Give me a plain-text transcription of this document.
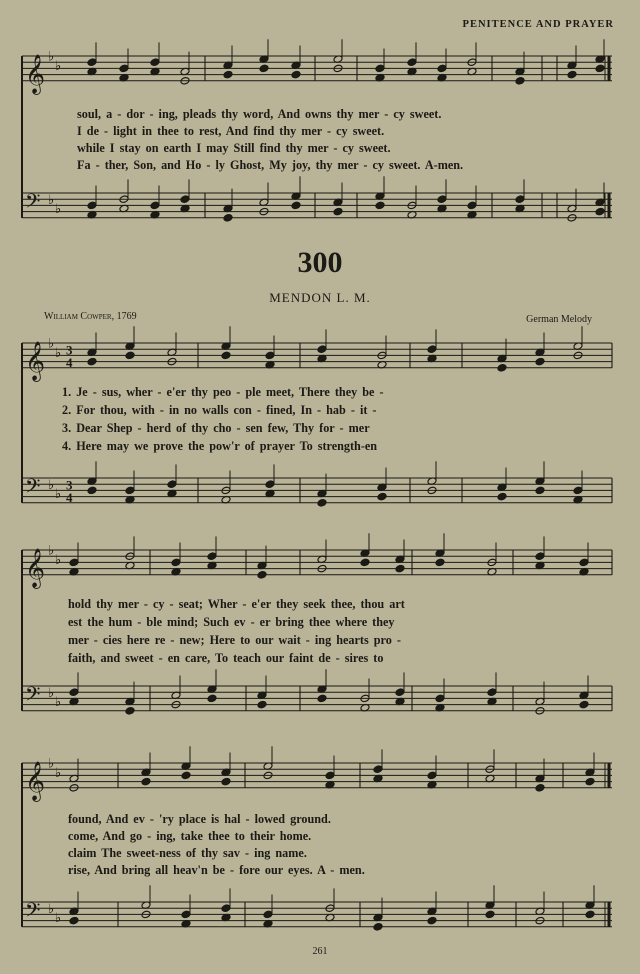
PENITENCE AND PRAYER
𝄞 ♭
♭
𝄢 ♭
♭
𝄞 ♭
♭ 3
4
𝄢 ♭
♭
3
4
𝄞 ♭
♭
𝄢 ♭
♭
𝄞 ♭
♭
𝄢 ♭
♭
soul, a - dor - ing, pleads thy word, And owns thy mer - cy sweet.
I de - light in thee to rest, And find thy mer - cy sweet.
while I stay on earth I may Still find thy mer - cy sweet.
Fa - ther, Son, and Ho - ly Ghost, My joy, thy mer - cy sweet. A-men.
300
MENDON L. M.
William Cowper, 1769	German Melody
1. Je - sus, wher - e'er thy peo - ple meet, There they be -
2. For thou, with - in no walls con - fined, In - hab - it -
3. Dear Shep - herd of thy cho - sen few, Thy for - mer
4. Here may we prove the pow'r of prayer To strength-en
hold thy mer - cy - seat; Wher - e'er they seek thee, thou art
est the hum - ble mind; Such ev - er bring thee where they
mer - cies here re - new; Here to our wait - ing hearts pro -
faith, and sweet - en care, To teach our faint de - sires to
found, And ev - 'ry place is hal - lowed ground.
come, And go - ing, take thee to their home.
claim The sweet-ness of thy sav - ing name.
rise, And bring all heav'n be - fore our eyes. A - men.
261
